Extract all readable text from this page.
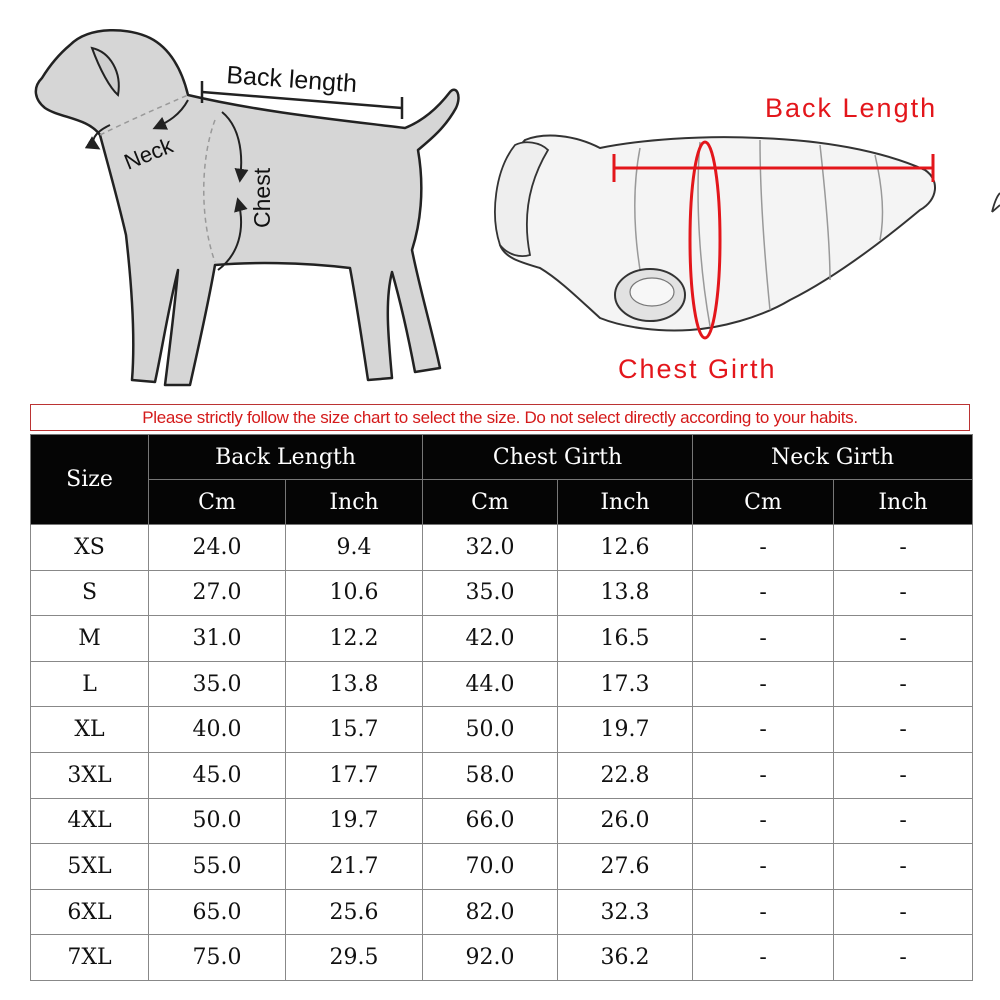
Back length
Neck
Chest
Back Length
Chest Girth
Please strictly follow the size chart to select the size. Do not select directly according to your habits.
Size	Back Length		Chest Girth		Neck Girth	
	Cm	Inch	Cm	Inch	Cm	Inch
XS	24.0	9.4	32.0	12.6	-	-
S	27.0	10.6	35.0	13.8	-	-
M	31.0	12.2	42.0	16.5	-	-
L	35.0	13.8	44.0	17.3	-	-
XL	40.0	15.7	50.0	19.7	-	-
3XL	45.0	17.7	58.0	22.8	-	-
4XL	50.0	19.7	66.0	26.0	-	-
5XL	55.0	21.7	70.0	27.6	-	-
6XL	65.0	25.6	82.0	32.3	-	-
7XL	75.0	29.5	92.0	36.2	-	-
